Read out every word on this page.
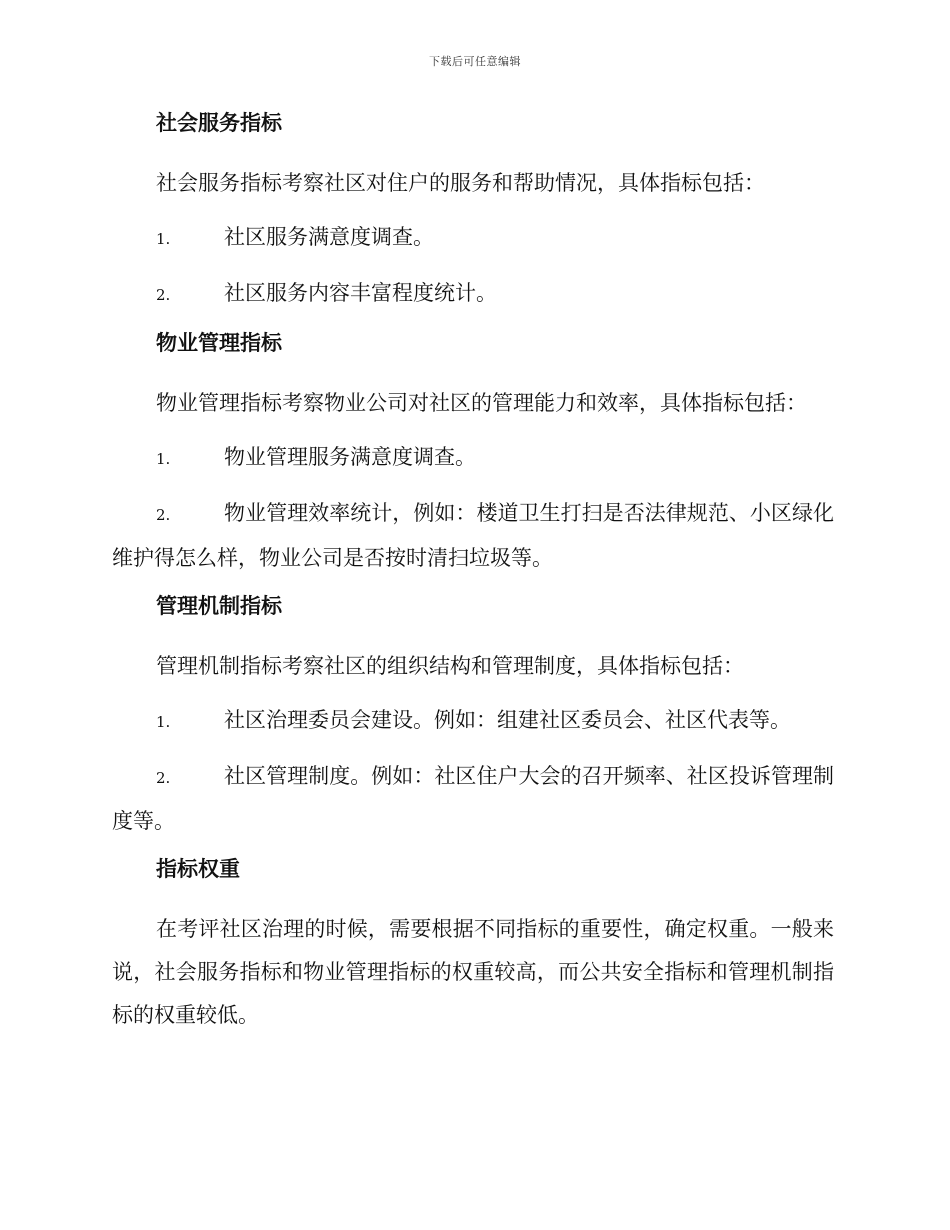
下载后可任意编辑
社会服务指标

社会服务指标考察社区对住户的服务和帮助情况，具体指标包括：

1.	社区服务满意度调查。

2.	社区服务内容丰富程度统计。

物业管理指标

物业管理指标考察物业公司对社区的管理能力和效率，具体指标包括：

1.	物业管理服务满意度调查。

2.	物业管理效率统计，例如：楼道卫生打扫是否法律规范、小区绿化维护得怎么样，物业公司是否按时清扫垃圾等。

管理机制指标

管理机制指标考察社区的组织结构和管理制度，具体指标包括：

1.	社区治理委员会建设。例如：组建社区委员会、社区代表等。

2.	社区管理制度。例如：社区住户大会的召开频率、社区投诉管理制度等。

指标权重

在考评社区治理的时候，需要根据不同指标的重要性，确定权重。一般来说，社会服务指标和物业管理指标的权重较高，而公共安全指标和管理机制指标的权重较低。
